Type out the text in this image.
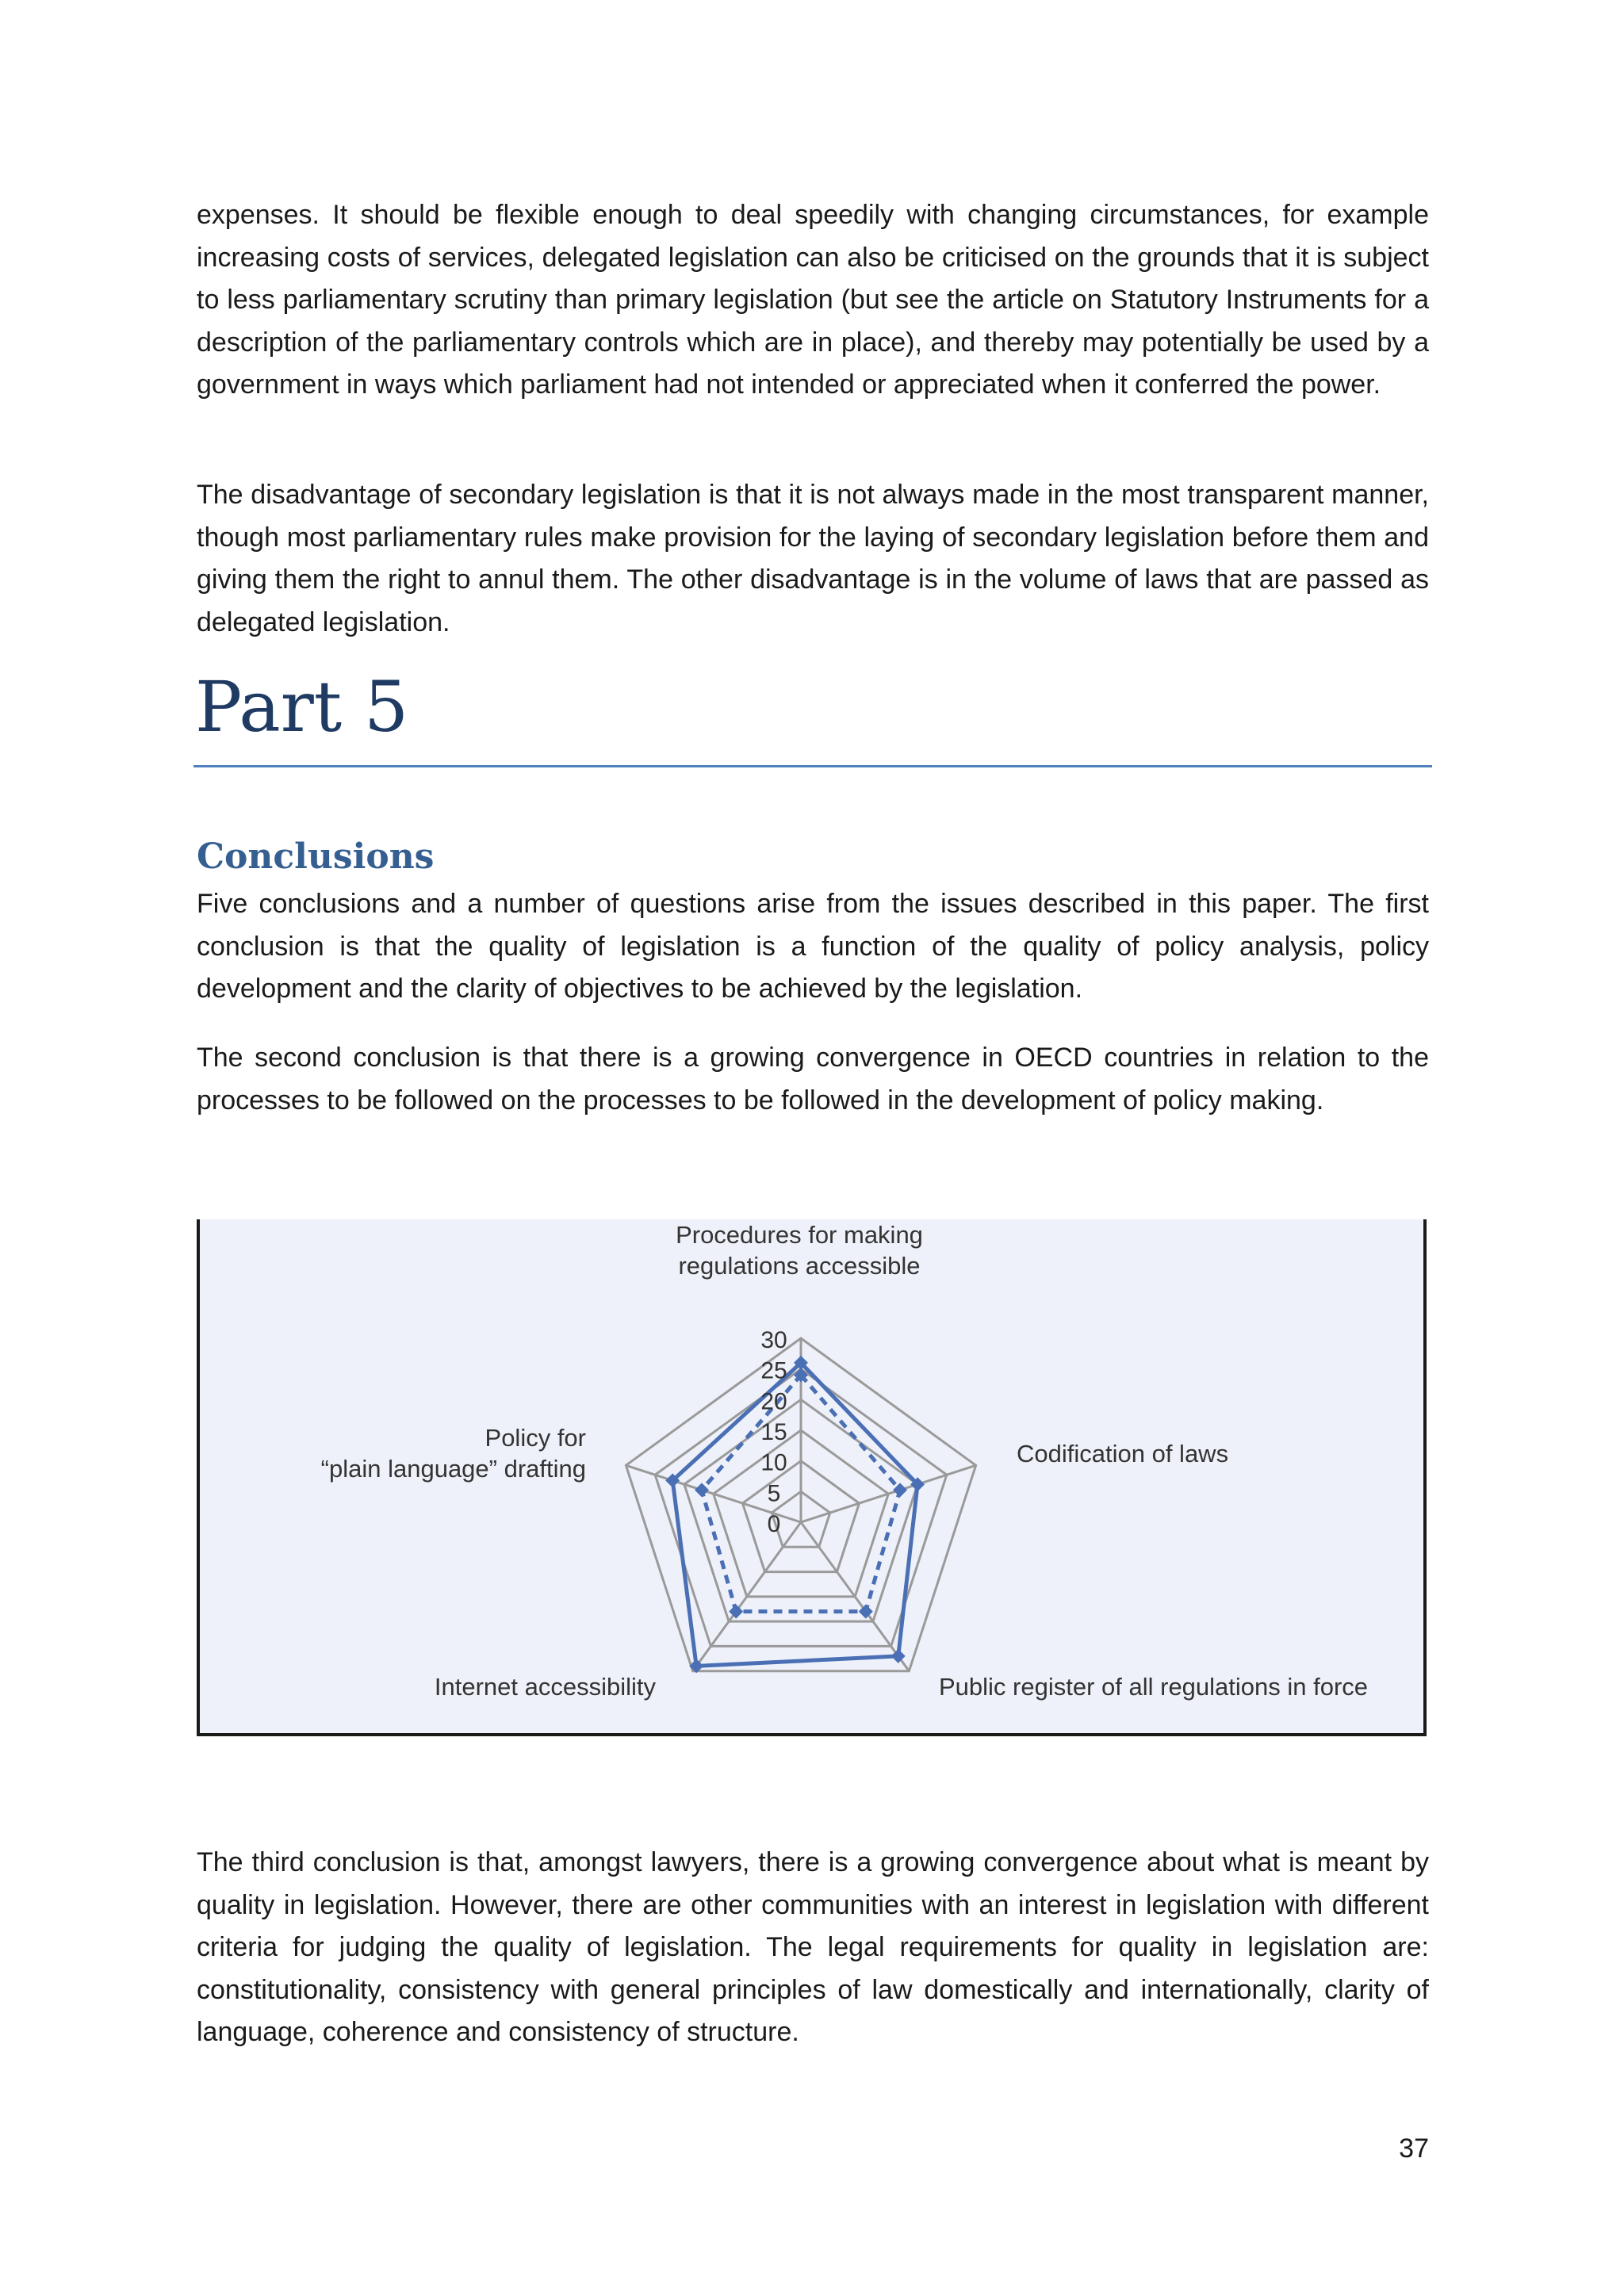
expenses. It should be flexible enough to deal speedily with changing circumstances, for example increasing costs of services, delegated legislation can also be criticised on the grounds that it is subject to less parliamentary scrutiny than primary legislation (but see the article on Statutory Instruments for a description of the parliamentary controls which are in place), and thereby may potentially be used by a government in ways which parliament had not intended or appreciated when it conferred the power.

The disadvantage of secondary legislation is that it is not always made in the most transparent manner, though most parliamentary rules make provision for the laying of secondary legislation before them and giving them the right to annul them. The other disadvantage is in the volume of laws that are passed as delegated legislation.

Part 5
Conclusions

Five conclusions and a number of questions arise from the issues described in this paper. The first conclusion is that the quality of legislation is a function of the quality of policy analysis, policy development and the clarity of objectives to be achieved by the legislation.

The second conclusion is that there is a growing convergence in OECD countries in relation to the processes to be followed on the processes to be followed in the development of policy making.

0
5
10
15
20
25
30
Procedures for making regulations accessible
Codification of laws
Public register of all regulations in force
Internet accessibility
Policy for “plain language” drafting

The third conclusion is that, amongst lawyers, there is a growing convergence about what is meant by quality in legislation. However, there are other communities with an interest in legislation with different criteria for judging the quality of legislation. The legal requirements for quality in legislation are: constitutionality, consistency with general principles of law domestically and internationally, clarity of language, coherence and consistency of structure.

37
